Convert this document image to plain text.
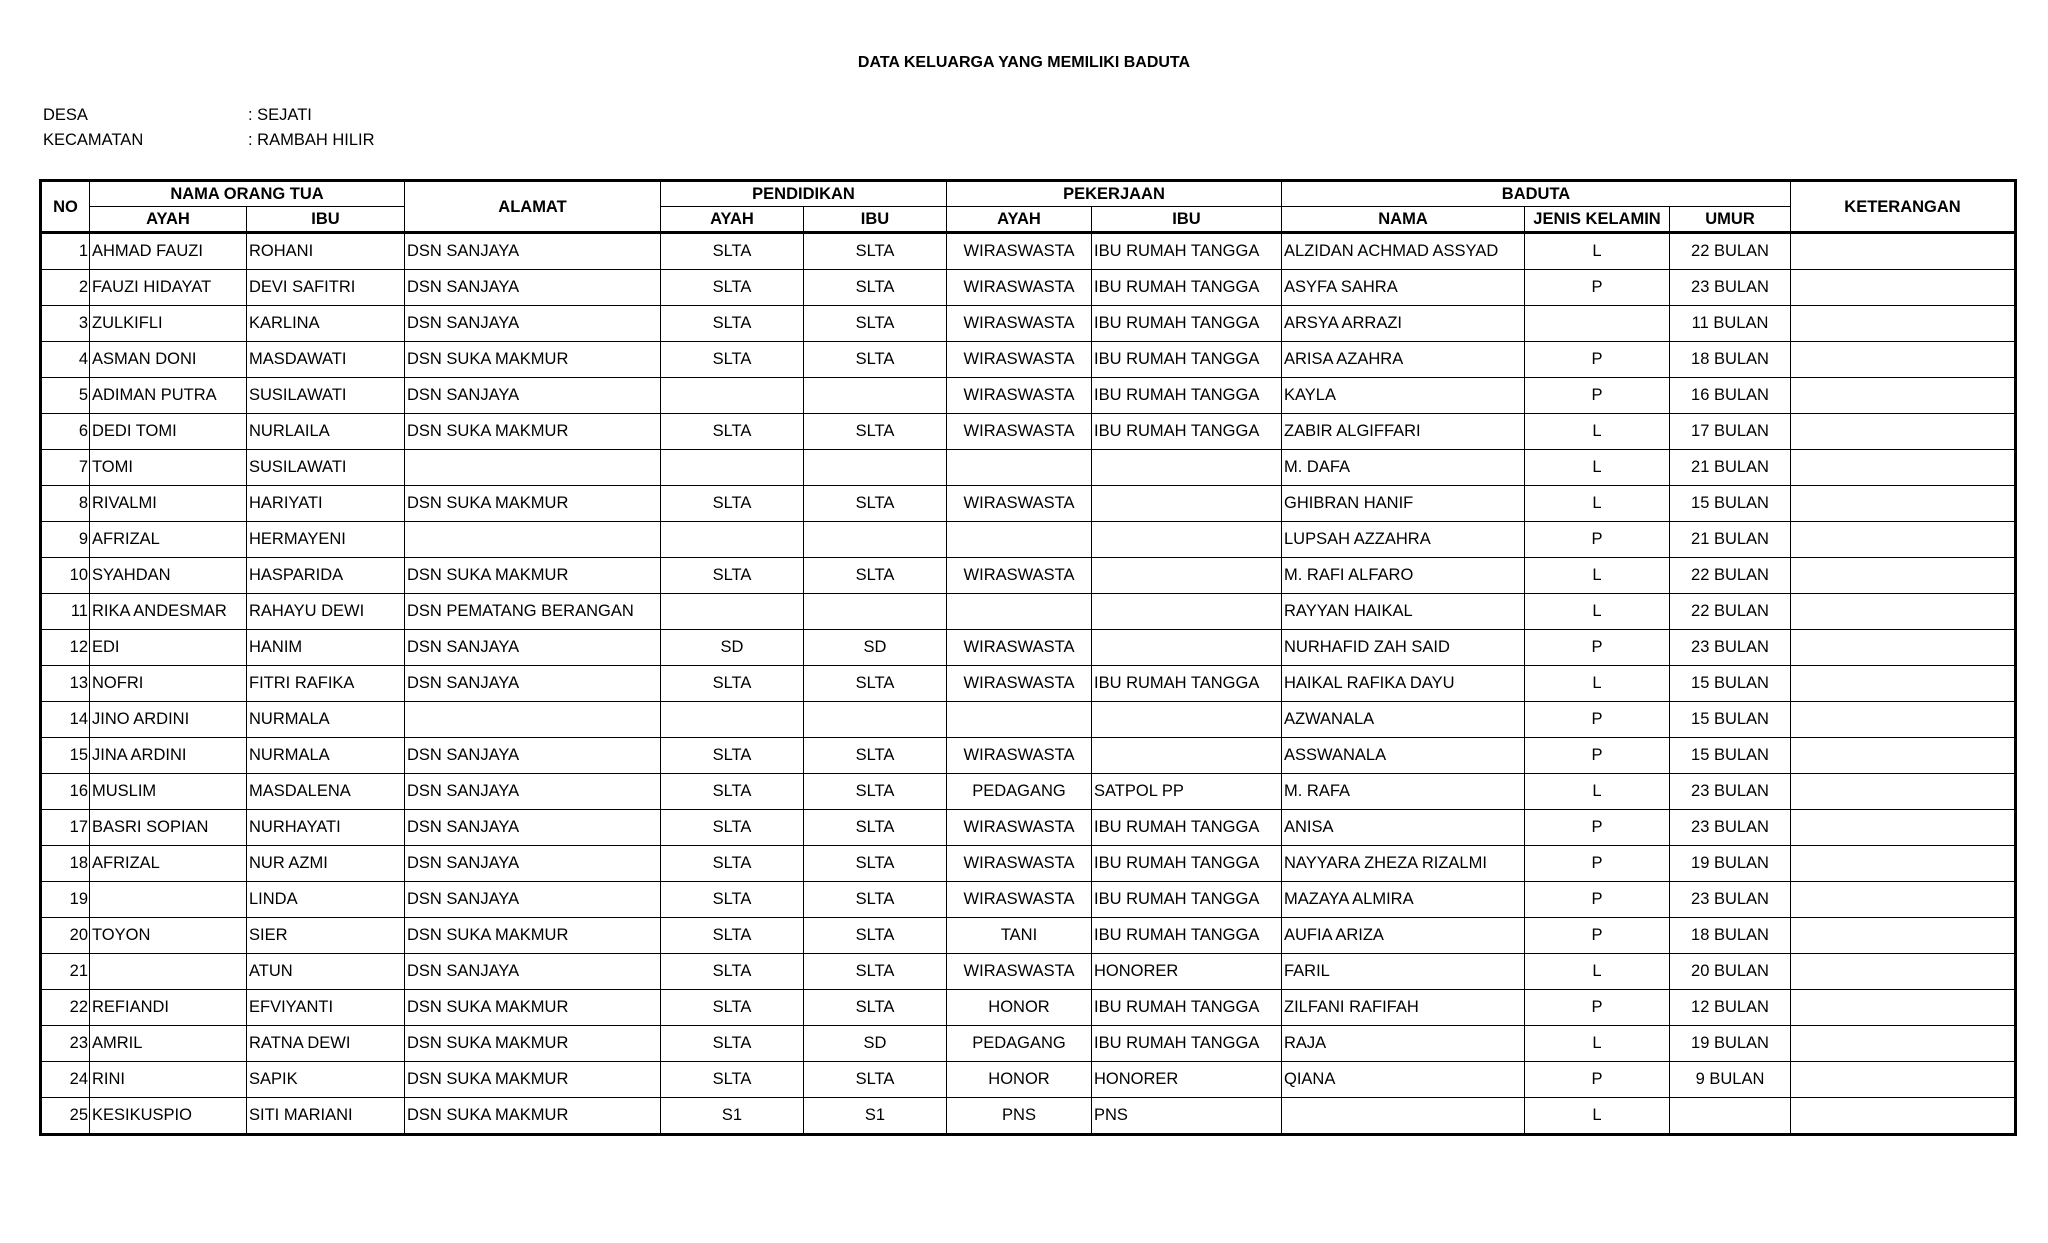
DATA KELUARGA YANG MEMILIKI BADUTA
DESA	: SEJATI
KECAMATAN	: RAMBAH HILIR
NO	NAMA ORANG TUA		ALAMAT	PENDIDIKAN		PEKERJAAN		BADUTA			KETERANGAN
	AYAH	IBU		AYAH	IBU	AYAH	IBU	NAMA	JENIS KELAMIN	UMUR	
1	AHMAD FAUZI	ROHANI	DSN SANJAYA	SLTA	SLTA	WIRASWASTA	IBU RUMAH TANGGA	ALZIDAN ACHMAD ASSYAD	L	22 BULAN	
2	FAUZI HIDAYAT	DEVI SAFITRI	DSN SANJAYA	SLTA	SLTA	WIRASWASTA	IBU RUMAH TANGGA	ASYFA SAHRA	P	23 BULAN	
3	ZULKIFLI	KARLINA	DSN SANJAYA	SLTA	SLTA	WIRASWASTA	IBU RUMAH TANGGA	ARSYA ARRAZI		11 BULAN	
4	ASMAN DONI	MASDAWATI	DSN SUKA MAKMUR	SLTA	SLTA	WIRASWASTA	IBU RUMAH TANGGA	ARISA AZAHRA	P	18 BULAN	
5	ADIMAN PUTRA	SUSILAWATI	DSN SANJAYA			WIRASWASTA	IBU RUMAH TANGGA	KAYLA	P	16 BULAN	
6	DEDI TOMI	NURLAILA	DSN SUKA MAKMUR	SLTA	SLTA	WIRASWASTA	IBU RUMAH TANGGA	ZABIR ALGIFFARI	L	17 BULAN	
7	TOMI	SUSILAWATI						M. DAFA	L	21 BULAN	
8	RIVALMI	HARIYATI	DSN SUKA MAKMUR	SLTA	SLTA	WIRASWASTA		GHIBRAN HANIF	L	15 BULAN	
9	AFRIZAL	HERMAYENI						LUPSAH AZZAHRA	P	21 BULAN	
10	SYAHDAN	HASPARIDA	DSN SUKA MAKMUR	SLTA	SLTA	WIRASWASTA		M. RAFI ALFARO	L	22 BULAN	
11	RIKA ANDESMAR	RAHAYU DEWI	DSN PEMATANG BERANGAN					RAYYAN HAIKAL	L	22 BULAN	
12	EDI	HANIM	DSN SANJAYA	SD	SD	WIRASWASTA		NURHAFID ZAH SAID	P	23 BULAN	
13	NOFRI	FITRI RAFIKA	DSN SANJAYA	SLTA	SLTA	WIRASWASTA	IBU RUMAH TANGGA	HAIKAL RAFIKA DAYU	L	15 BULAN	
14	JINO ARDINI	NURMALA						AZWANALA	P	15 BULAN	
15	JINA ARDINI	NURMALA	DSN SANJAYA	SLTA	SLTA	WIRASWASTA		ASSWANALA	P	15 BULAN	
16	MUSLIM	MASDALENA	DSN SANJAYA	SLTA	SLTA	PEDAGANG	SATPOL PP	M. RAFA	L	23 BULAN	
17	BASRI SOPIAN	NURHAYATI	DSN SANJAYA	SLTA	SLTA	WIRASWASTA	IBU RUMAH TANGGA	ANISA	P	23 BULAN	
18	AFRIZAL	NUR AZMI	DSN SANJAYA	SLTA	SLTA	WIRASWASTA	IBU RUMAH TANGGA	NAYYARA ZHEZA RIZALMI	P	19 BULAN	
19		LINDA	DSN SANJAYA	SLTA	SLTA	WIRASWASTA	IBU RUMAH TANGGA	MAZAYA ALMIRA	P	23 BULAN	
20	TOYON	SIER	DSN SUKA MAKMUR	SLTA	SLTA	TANI	IBU RUMAH TANGGA	AUFIA ARIZA	P	18 BULAN	
21		ATUN	DSN SANJAYA	SLTA	SLTA	WIRASWASTA	HONORER	FARIL	L	20 BULAN	
22	REFIANDI	EFVIYANTI	DSN SUKA MAKMUR	SLTA	SLTA	HONOR	IBU RUMAH TANGGA	ZILFANI RAFIFAH	P	12 BULAN	
23	AMRIL	RATNA DEWI	DSN SUKA MAKMUR	SLTA	SD	PEDAGANG	IBU RUMAH TANGGA	RAJA	L	19 BULAN	
24	RINI	SAPIK	DSN SUKA MAKMUR	SLTA	SLTA	HONOR	HONORER	QIANA	P	9 BULAN	
25	KESIKUSPIO	SITI MARIANI	DSN SUKA MAKMUR	S1	S1	PNS	PNS		L		
